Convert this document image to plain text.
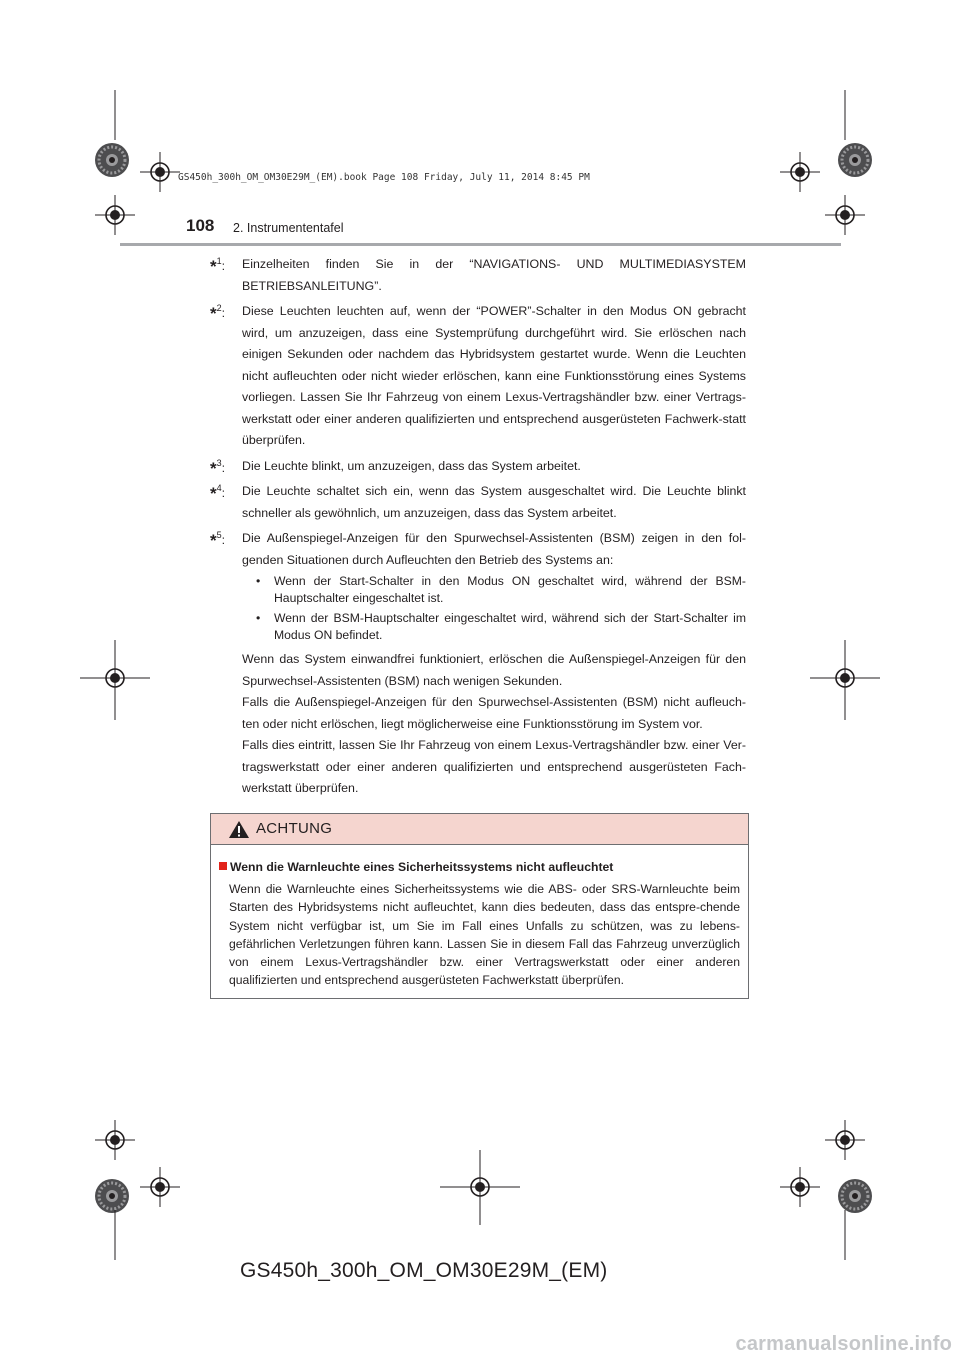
GS450h_300h_OM_OM30E29M_(EM).book Page 108 Friday, July 11, 2014 8:45 PM
108 2. Instrumententafel
*$^1$: Einzelheiten finden Sie in der “NAVIGATIONS- UND MULTIMEDIASYSTEM BETRIEBSANLEITUNG”.
*$^2$: Diese Leuchten leuchten auf, wenn der “POWER”-Schalter in den Modus ON gebracht wird, um anzuzeigen, dass eine Systemprüfung durchgeführt wird. Sie erlöschen nach einigen Sekunden oder nachdem das Hybridsystem gestartet wurde. Wenn die Leuchten nicht aufleuchten oder nicht wieder erlöschen, kann eine Funktionsstörung eines Systems vorliegen. Lassen Sie Ihr Fahrzeug von einem Lexus-Vertragshändler bzw. einer Vertrags-werkstatt oder einer anderen qualifizierten und entsprechend ausgerüsteten Fachwerk-statt überprüfen.
*$^3$: Die Leuchte blinkt, um anzuzeigen, dass das System arbeitet.
*$^4$: Die Leuchte schaltet sich ein, wenn das System ausgeschaltet wird. Die Leuchte blinkt schneller als gewöhnlich, um anzuzeigen, dass das System arbeitet.
*$^5$: Die Außenspiegel-Anzeigen für den Spurwechsel-Assistenten (BSM) zeigen in den fol-genden Situationen durch Aufleuchten den Betrieb des Systems an:
• Wenn der Start-Schalter in den Modus ON geschaltet wird, während der BSM-Hauptschalter eingeschaltet ist.
• Wenn der BSM-Hauptschalter eingeschaltet wird, während sich der Start-Schalter im Modus ON befindet.

Wenn das System einwandfrei funktioniert, erlöschen die Außenspiegel-Anzeigen für den Spurwechsel-Assistenten (BSM) nach wenigen Sekunden.

Falls die Außenspiegel-Anzeigen für den Spurwechsel-Assistenten (BSM) nicht aufleuch-ten oder nicht erlöschen, liegt möglicherweise eine Funktionsstörung im System vor.

Falls dies eintritt, lassen Sie Ihr Fahrzeug von einem Lexus-Vertragshändler bzw. einer Ver-tragswerkstatt oder einer anderen qualifizierten und entsprechend ausgerüsteten Fach-werkstatt überprüfen.

ACHTUNG
Wenn die Warnleuchte eines Sicherheitssystems nicht aufleuchtet
Wenn die Warnleuchte eines Sicherheitssystems wie die ABS- oder SRS-Warnleuchte beim Starten des Hybridsystems nicht aufleuchtet, kann dies bedeuten, dass das entspre-chende System nicht verfügbar ist, um Sie im Fall eines Unfalls zu schützen, was zu lebens-gefährlichen Verletzungen führen kann. Lassen Sie in diesem Fall das Fahrzeug unverzüglich von einem Lexus-Vertragshändler bzw. einer Vertragswerkstatt oder einer anderen qualifizierten und entsprechend ausgerüsteten Fachwerkstatt überprüfen.
GS450h_300h_OM_OM30E29M_(EM)
carmanualsonline.info
